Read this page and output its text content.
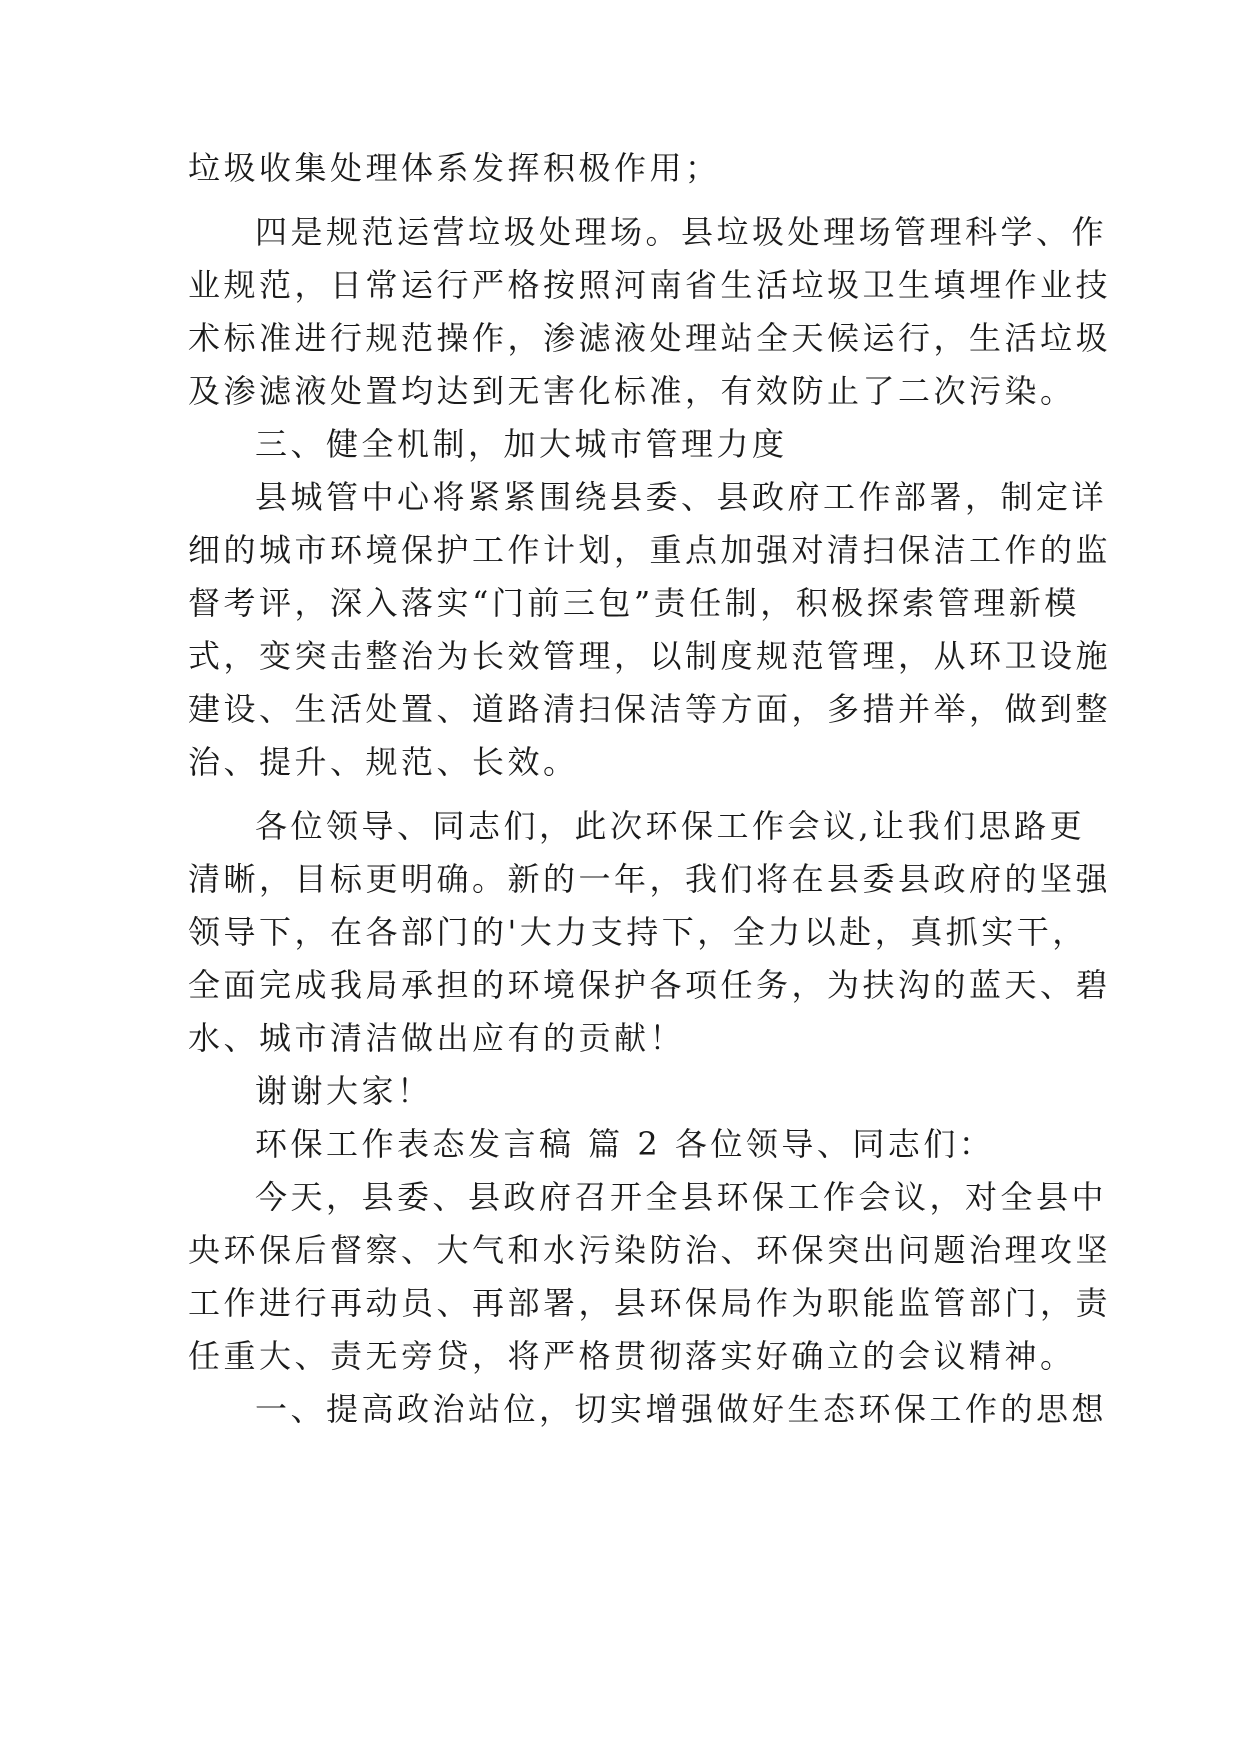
垃圾收集处理体系发挥积极作用；
四是规范运营垃圾处理场。县垃圾处理场管理科学、作
业规范，日常运行严格按照河南省生活垃圾卫生填埋作业技
术标准进行规范操作，渗滤液处理站全天候运行，生活垃圾
及渗滤液处置均达到无害化标准，有效防止了二次污染。
三、健全机制，加大城市管理力度
县城管中心将紧紧围绕县委、县政府工作部署，制定详
细的城市环境保护工作计划，重点加强对清扫保洁工作的监
督考评，深入落实“门前三包”责任制，积极探索管理新模
式，变突击整治为长效管理，以制度规范管理，从环卫设施
建设、生活处置、道路清扫保洁等方面，多措并举，做到整
治、提升、规范、长效。
各位领导、同志们，此次环保工作会议,让我们思路更
清晰，目标更明确。新的一年，我们将在县委县政府的坚强
领导下，在各部门的'大力支持下，全力以赴，真抓实干，
全面完成我局承担的环境保护各项任务，为扶沟的蓝天、碧
水、城市清洁做出应有的贡献！
谢谢大家！
环保工作表态发言稿 篇 2 各位领导、同志们：
今天，县委、县政府召开全县环保工作会议，对全县中
央环保后督察、大气和水污染防治、环保突出问题治理攻坚
工作进行再动员、再部署，县环保局作为职能监管部门，责
任重大、责无旁贷，将严格贯彻落实好确立的会议精神。
一、提高政治站位，切实增强做好生态环保工作的思想
